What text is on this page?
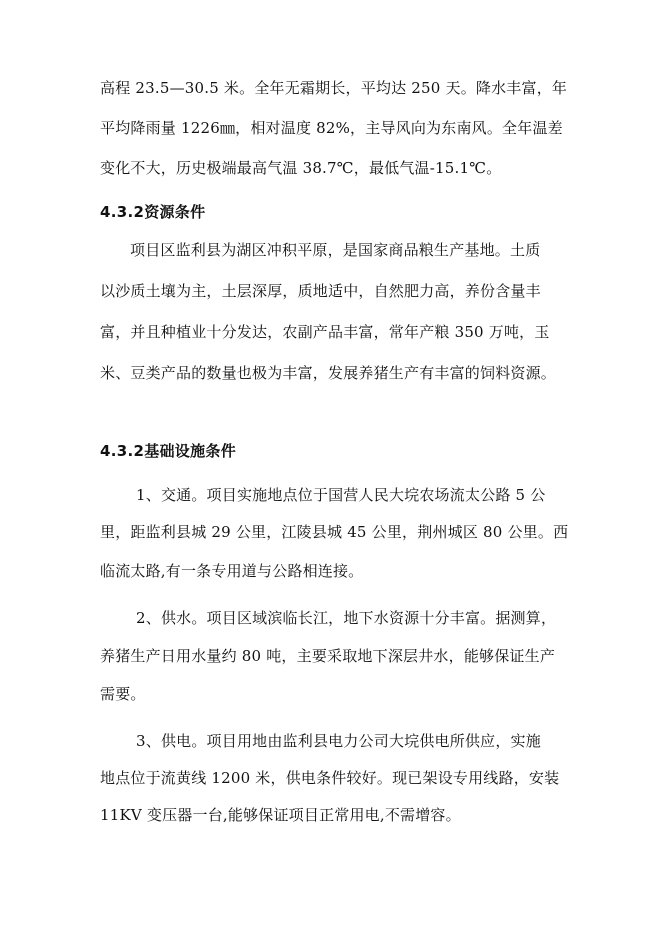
高程 23.5—30.5 米。全年无霜期长，平均达 250 天。降水丰富，年
平均降雨量 1226㎜，相对温度 82%，主导风向为东南风。全年温差
变化不大，历史极端最高气温 38.7℃，最低气温-15.1℃。
4.3.2资源条件
项目区监利县为湖区冲积平原，是国家商品粮生产基地。土质
以沙质土壤为主，土层深厚，质地适中，自然肥力高，养份含量丰
富，并且种植业十分发达，农副产品丰富，常年产粮 350 万吨，玉
米、豆类产品的数量也极为丰富，发展养猪生产有丰富的饲料资源。
4.3.2基础设施条件
1、交通。项目实施地点位于国营人民大垸农场流太公路 5 公
里，距监利县城 29 公里，江陵县城 45 公里，荆州城区 80 公里。西
临流太路,有一条专用道与公路相连接。
2、供水。项目区域滨临长江，地下水资源十分丰富。据测算，
养猪生产日用水量约 80 吨，主要采取地下深层井水，能够保证生产
需要。
3、供电。项目用地由监利县电力公司大垸供电所供应，实施
地点位于流黄线 1200 米，供电条件较好。现已架设专用线路，安装
11KV 变压器一台,能够保证项目正常用电,不需增容。
